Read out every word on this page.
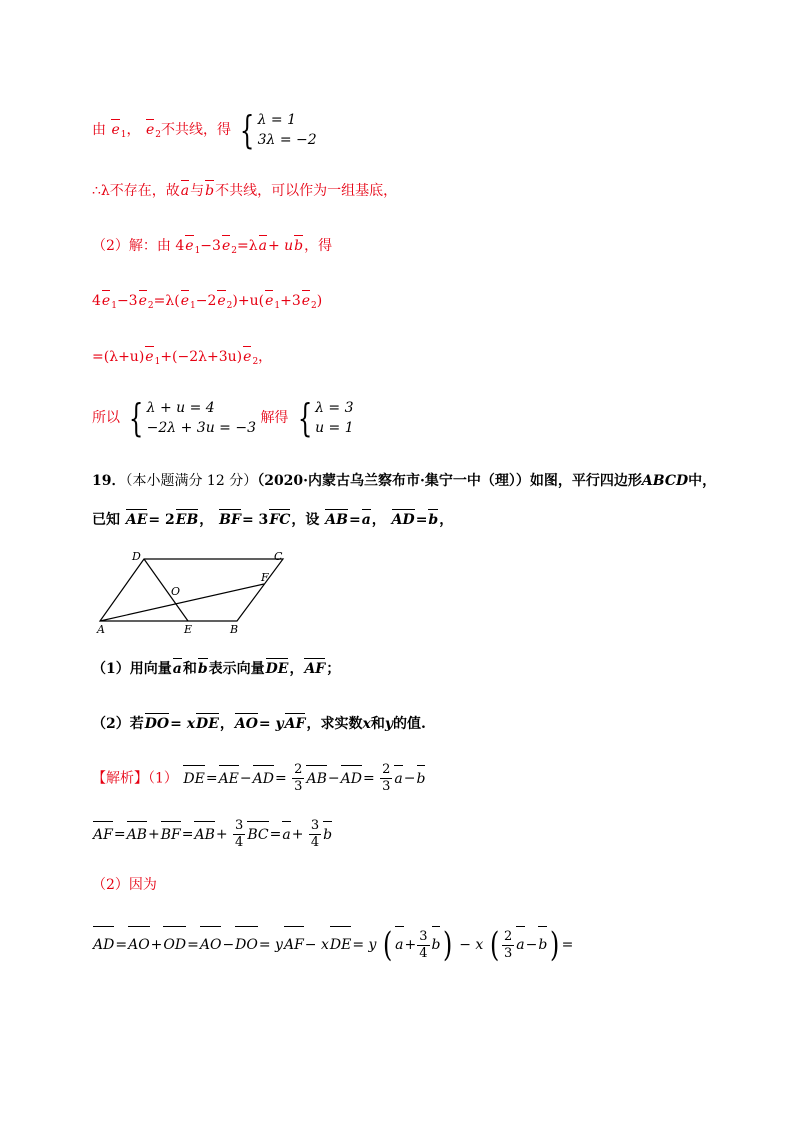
由 $e_1$， $e_2$不共线，得 { λ = 1
3λ = −2
∴λ不存在，故a与b不共线，可以作为一组基底，
（2）解：由 $4e_1-3e_2=\lambda a+$ ub，得
$4e_1-3e_2=\lambda(e_1-2e_2)+u(e_1+3e_2)$
$=(\lambda+u)e_1+(-2\lambda+3u)e_2$，
所以 { λ + u = 4
−2λ + 3u = −3
解得 { λ = 3
u = 1
19．（本小题满分 12 分）（2020·内蒙古乌兰察布市·集宁一中（理））如图，平行四边形ABCD中，
已知 AE= 2EB， BF= 3FC，设 AB=a， AD=b，
D	C
F
O
A	E	B
（1）用向量a和b表示向量DE，AF；
（2）若DO= xDE，AO= yAF，求实数x和y的值.
【解析】（1） $DE=AE-AD= \frac{2}{3} AB-AD= \frac{2}{3} a-b$
$AF=AB+BF=AB+ \frac{3}{4} BC=a+ \frac{3}{4}$ b
（2）因为
AD=AO+OD=AO−DO= yAF− xDE= y ( $a+ \frac{3}{4} b) - x$ ( $\frac{2}{3} a-b$) =
